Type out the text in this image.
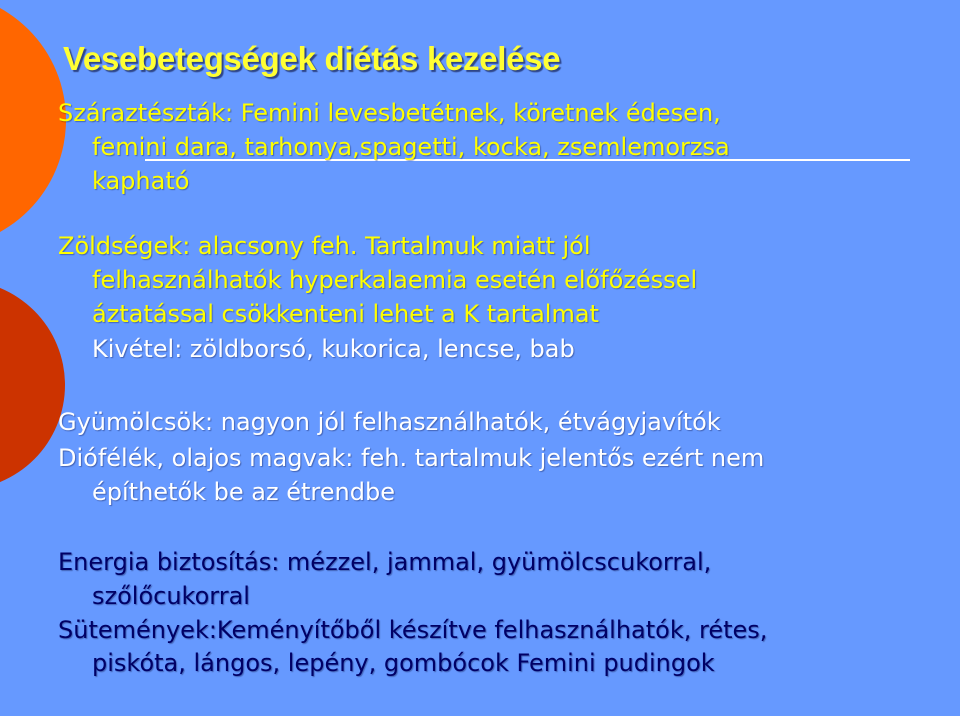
Vesebetegségek diétás kezelése
Száraztészták: Femini levesbetétnek, köretnek édesen,
femini dara, tarhonya,spagetti, kocka, zsemlemorzsa
kapható
Zöldségek: alacsony feh. Tartalmuk miatt jól
felhasználhatók hyperkalaemia esetén előfőzéssel
áztatással csökkenteni lehet a K tartalmat
Kivétel: zöldborsó, kukorica, lencse, bab
Gyümölcsök: nagyon jól felhasználhatók, étvágyjavítók
Diófélék, olajos magvak: feh. tartalmuk jelentős ezért nem
építhetők be az étrendbe
Energia biztosítás: mézzel, jammal, gyümölcscukorral,
szőlőcukorral
Sütemények:Keményítőből készítve felhasználhatók, rétes,
piskóta, lángos, lepény, gombócok Femini pudingok
